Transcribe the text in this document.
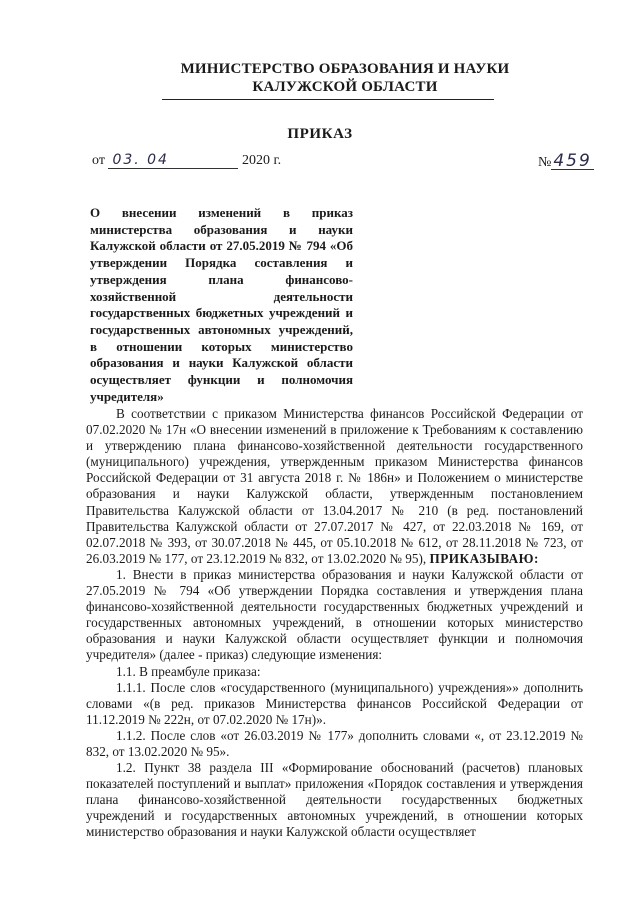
МИНИСТЕРСТВО ОБРАЗОВАНИЯ И НАУКИ
КАЛУЖСКОЙ ОБЛАСТИ
ПРИКАЗ
от 03. 04	2020 г.	№ 459
О внесении изменений в приказ министерства образования и науки Калужской области от 27.05.2019 № 794 «Об утверждении Порядка составления и утверждения плана финансово-хозяйственной деятельности государственных бюджетных учреждений и государственных автономных учреждений, в отношении которых министерство образования и науки Калужской области осуществляет функции и полномочия учредителя»

В соответствии с приказом Министерства финансов Российской Федерации от 07.02.2020 № 17н «О внесении изменений в приложение к Требованиям к составлению и утверждению плана финансово-хозяйственной деятельности государственного (муниципального) учреждения, утвержденным приказом Министерства финансов Российской Федерации от 31 августа 2018 г. № 186н» и Положением о министерстве образования и науки Калужской области, утвержденным постановлением Правительства Калужской области от 13.04.2017 № 210 (в ред. постановлений Правительства Калужской области от 27.07.2017 № 427, от 22.03.2018 № 169, от 02.07.2018 № 393, от 30.07.2018 № 445, от 05.10.2018 № 612, от 28.11.2018 № 723, от 26.03.2019 № 177, от 23.12.2019 № 832, от 13.02.2020 № 95), ПРИКАЗЫВАЮ:

1. Внести в приказ министерства образования и науки Калужской области от 27.05.2019 № 794 «Об утверждении Порядка составления и утверждения плана финансово-хозяйственной деятельности государственных бюджетных учреждений и государственных автономных учреждений, в отношении которых министерство образования и науки Калужской области осуществляет функции и полномочия учредителя» (далее - приказ) следующие изменения:

1.1. В преамбуле приказа:

1.1.1. После слов «государственного (муниципального) учреждения»» дополнить словами «(в ред. приказов Министерства финансов Российской Федерации от 11.12.2019 № 222н, от 07.02.2020 № 17н)».

1.1.2. После слов «от 26.03.2019 № 177» дополнить словами «, от 23.12.2019 № 832, от 13.02.2020 № 95».

1.2. Пункт 38 раздела III «Формирование обоснований (расчетов) плановых показателей поступлений и выплат» приложения «Порядок составления и утверждения плана финансово-хозяйственной деятельности государственных бюджетных учреждений и государственных автономных учреждений, в отношении которых министерство образования и науки Калужской области осуществляет
